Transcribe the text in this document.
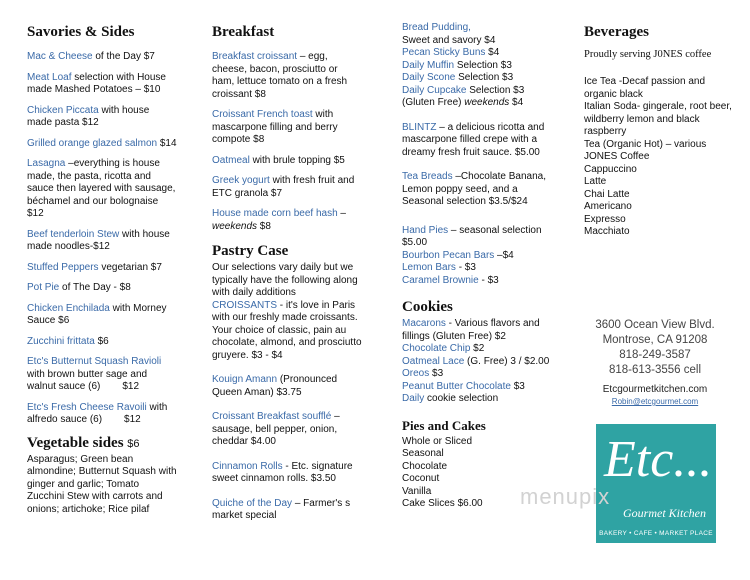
Savories & Sides

Mac & Cheese of the Day $7

Meat Loaf selection with House made Mashed Potatoes – $10

Chicken Piccata with house made pasta $12

Grilled orange glazed salmon $14

Lasagna –everything is house made, the pasta, ricotta and sauce then layered with sausage, béchamel and our bolognaise $12

Beef tenderloin Stew with house made noodles-$12

Stuffed Peppers vegetarian $7

Pot Pie of The Day - $8

Chicken Enchilada with Morney Sauce $6

Zucchini frittata $6

Etc's Butternut Squash Ravioli with brown butter sage and walnut sauce (6) $12

Etc's Fresh Cheese Ravoili with alfredo sauce (6) $12

Vegetable sides $6

Asparagus; Green bean almondine; Butternut Squash with ginger and garlic; Tomato Zucchini Stew with carrots and onions; artichoke; Rice pilaf

Breakfast

Breakfast croissant – egg, cheese, bacon, prosciutto or ham, lettuce tomato on a fresh croissant $8

Croissant French toast with mascarpone filling and berry compote $8

Oatmeal with brule topping $5

Greek yogurt with fresh fruit and ETC granola $7

House made corn beef hash – weekends $8

Pastry Case

Our selections vary daily but we typically have the following along with daily additions

CROISSANTS - it's love in Paris with our freshly made croissants. Your choice of classic, pain au chocolate, almond, and prosciutto gruyere. $3 - $4

Kouign Amann (Pronounced Queen Aman) $3.75

Croissant Breakfast soufflé – sausage, bell pepper, onion, cheddar $4.00

Cinnamon Rolls - Etc. signature sweet cinnamon rolls. $3.50

Quiche of the Day – Farmer's s market special

Bread Pudding,
Sweet and savory $4

Pecan Sticky Buns $4

Daily Muffin Selection $3

Daily Scone Selection $3

Daily Cupcake Selection $3

(Gluten Free) weekends $4

BLINTZ – a delicious ricotta and mascarpone filled crepe with a dreamy fresh fruit sauce. $5.00

Tea Breads –Chocolate Banana, Lemon poppy seed, and a Seasonal selection $3.5/$24

Hand Pies – seasonal selection $5.00

Bourbon Pecan Bars –$4

Lemon Bars - $3

Caramel Brownie - $3

Cookies

Macarons - Various flavors and fillings (Gluten Free) $2

Chocolate Chip $2

Oatmeal Lace (G. Free) 3 / $2.00

Oreos $3

Peanut Butter Chocolate $3

Daily cookie selection

Pies and Cakes
Whole or Sliced
Seasonal
Chocolate
Coconut
Vanilla
Cake Slices $6.00
Beverages

Proudly serving J0NES coffee

Ice Tea -Decaf passion and organic black
Italian Soda- gingerale, root beer, wildberry lemon and black raspberry
Tea (Organic Hot) – various JONES Coffee
Cappuccino
Latte
Chai Latte
Americano
Expresso
Macchiato
3600 Ocean View Blvd.
Montrose, CA 91208
818-249-3587
818-613-3556 cell
Etcgourmetkitchen.com
Robin@etcgourmet.com
Etc...
Gourmet Kitchen
BAKERY • CAFE • MARKET PLACE
menupix
